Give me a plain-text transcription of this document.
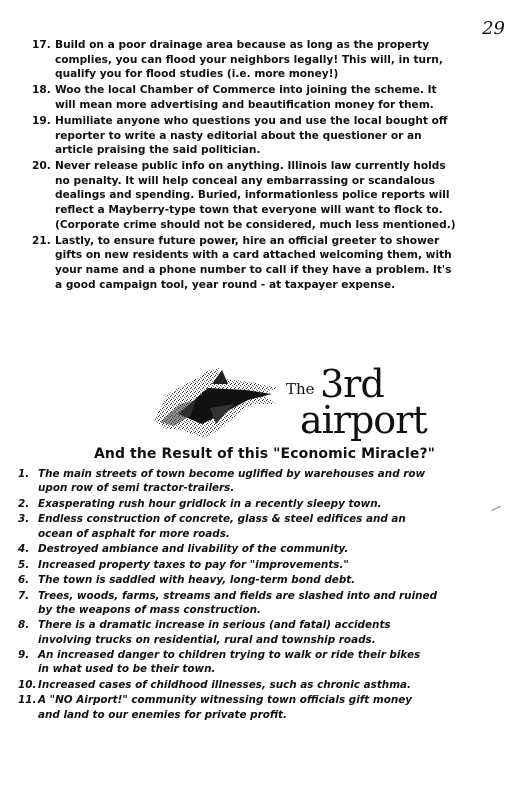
29
17. Build on a poor drainage area because as long as the property
complies, you can flood your neighbors legally! This will, in turn,
qualify you for flood studies (i.e. more money!)
18. Woo the local Chamber of Commerce into joining the scheme. It
will mean more advertising and beautification money for them.
19. Humiliate anyone who questions you and use the local bought off
reporter to write a nasty editorial about the questioner or an
article praising the said politician.
20. Never release public info on anything. Illinois law currently holds
no penalty. It will help conceal any embarrassing or scandalous
dealings and spending. Buried, informationless police reports will
reflect a Mayberry-type town that everyone will want to flock to.
(Corporate crime should not be considered, much less mentioned.)
21. Lastly, to ensure future power, hire an official greeter to shower
gifts on new residents with a card attached welcoming them, with
your name and a phone number to call if they have a problem. It's
a good campaign tool, year round - at taxpayer expense.
The 3rd
airport
And the Result of this "Economic Miracle?"
1. The main streets of town become uglified by warehouses and row
upon row of semi tractor-trailers.
2. Exasperating rush hour gridlock in a recently sleepy town.
3. Endless construction of concrete, glass & steel edifices and an
ocean of asphalt for more roads.
4. Destroyed ambiance and livability of the community.
5. Increased property taxes to pay for "improvements."
6. The town is saddled with heavy, long-term bond debt.
7. Trees, woods, farms, streams and fields are slashed into and ruined
by the weapons of mass construction.
8. There is a dramatic increase in serious (and fatal) accidents
involving trucks on residential, rural and township roads.
9. An increased danger to children trying to walk or ride their bikes
in what used to be their town.
10. Increased cases of childhood illnesses, such as chronic asthma.
11. A "NO Airport!" community witnessing town officials gift money
and land to our enemies for private profit.
